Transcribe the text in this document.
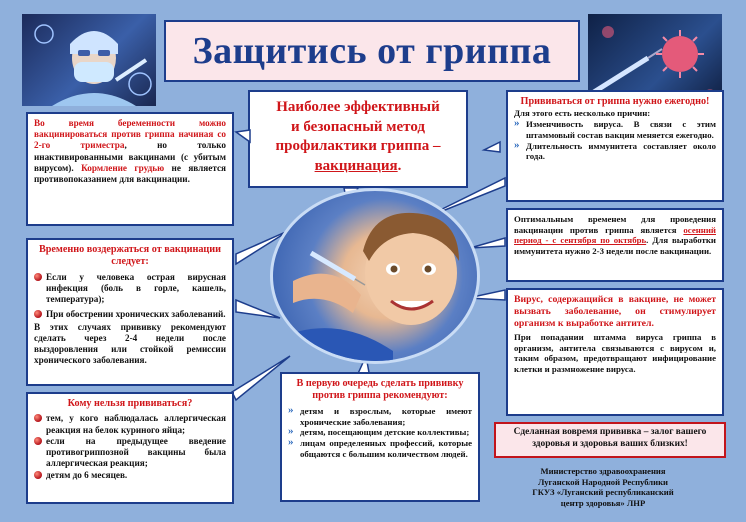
Защитись от гриппа
Наиболее эффективный
и безопасный метод
профилактики гриппа –
вакцинация.
Во время беременности можно вакцинироваться против гриппа начиная со 2-го триместра, но только инактивированными вакцинами (с убитым вирусом). Кормление грудью не является противопоказанием для вакцинации.
Временно воздержаться от вакцинации следует:
Если у человека острая вирусная инфекция (боль в горле, кашель, температура);
При обострении хронических заболеваний.
В этих случаях прививку рекомендуют сделать через 2-4 недели после выздоровления или стойкой ремиссии хронического заболевания.
Кому нельзя прививаться?
тем, у кого наблюдалась аллергическая реакция на белок куриного яйца;
если на предыдущее введение противогриппозной вакцины была аллергическая реакция;
детям до 6 месяцев.
В первую очередь сделать прививку против гриппа рекомендуют:
» детям и взрослым, которые имеют хронические заболевания;
» детям, посещающим детские коллективы;
» лицам определенных профессий, которые общаются с большим количеством людей.
Прививаться от гриппа нужно ежегодно!
Для этого есть несколько причин:
» Изменчивость вируса. В связи с этим штаммовый состав вакцин меняется ежегодно.
» Длительность иммунитета составляет около года.
Оптимальным временем для проведения вакцинации против гриппа является осенний период - с сентября по октябрь. Для выработки иммунитета нужно 2-3 недели после вакцинации.
Вирус, содержащийся в вакцине, не может вызвать заболевание, он стимулирует организм к выработке антител.
При попадании штамма вируса гриппа в организм, антитела связываются с вирусом и, таким образом, предотвращают инфицирование клетки и размножение вируса.
Сделанная вовремя прививка – залог вашего здоровья и здоровья ваших близких!
Министерство здравоохранения
Луганской Народной Республики
ГКУЗ «Луганский республиканский
центр здоровья» ЛНР
